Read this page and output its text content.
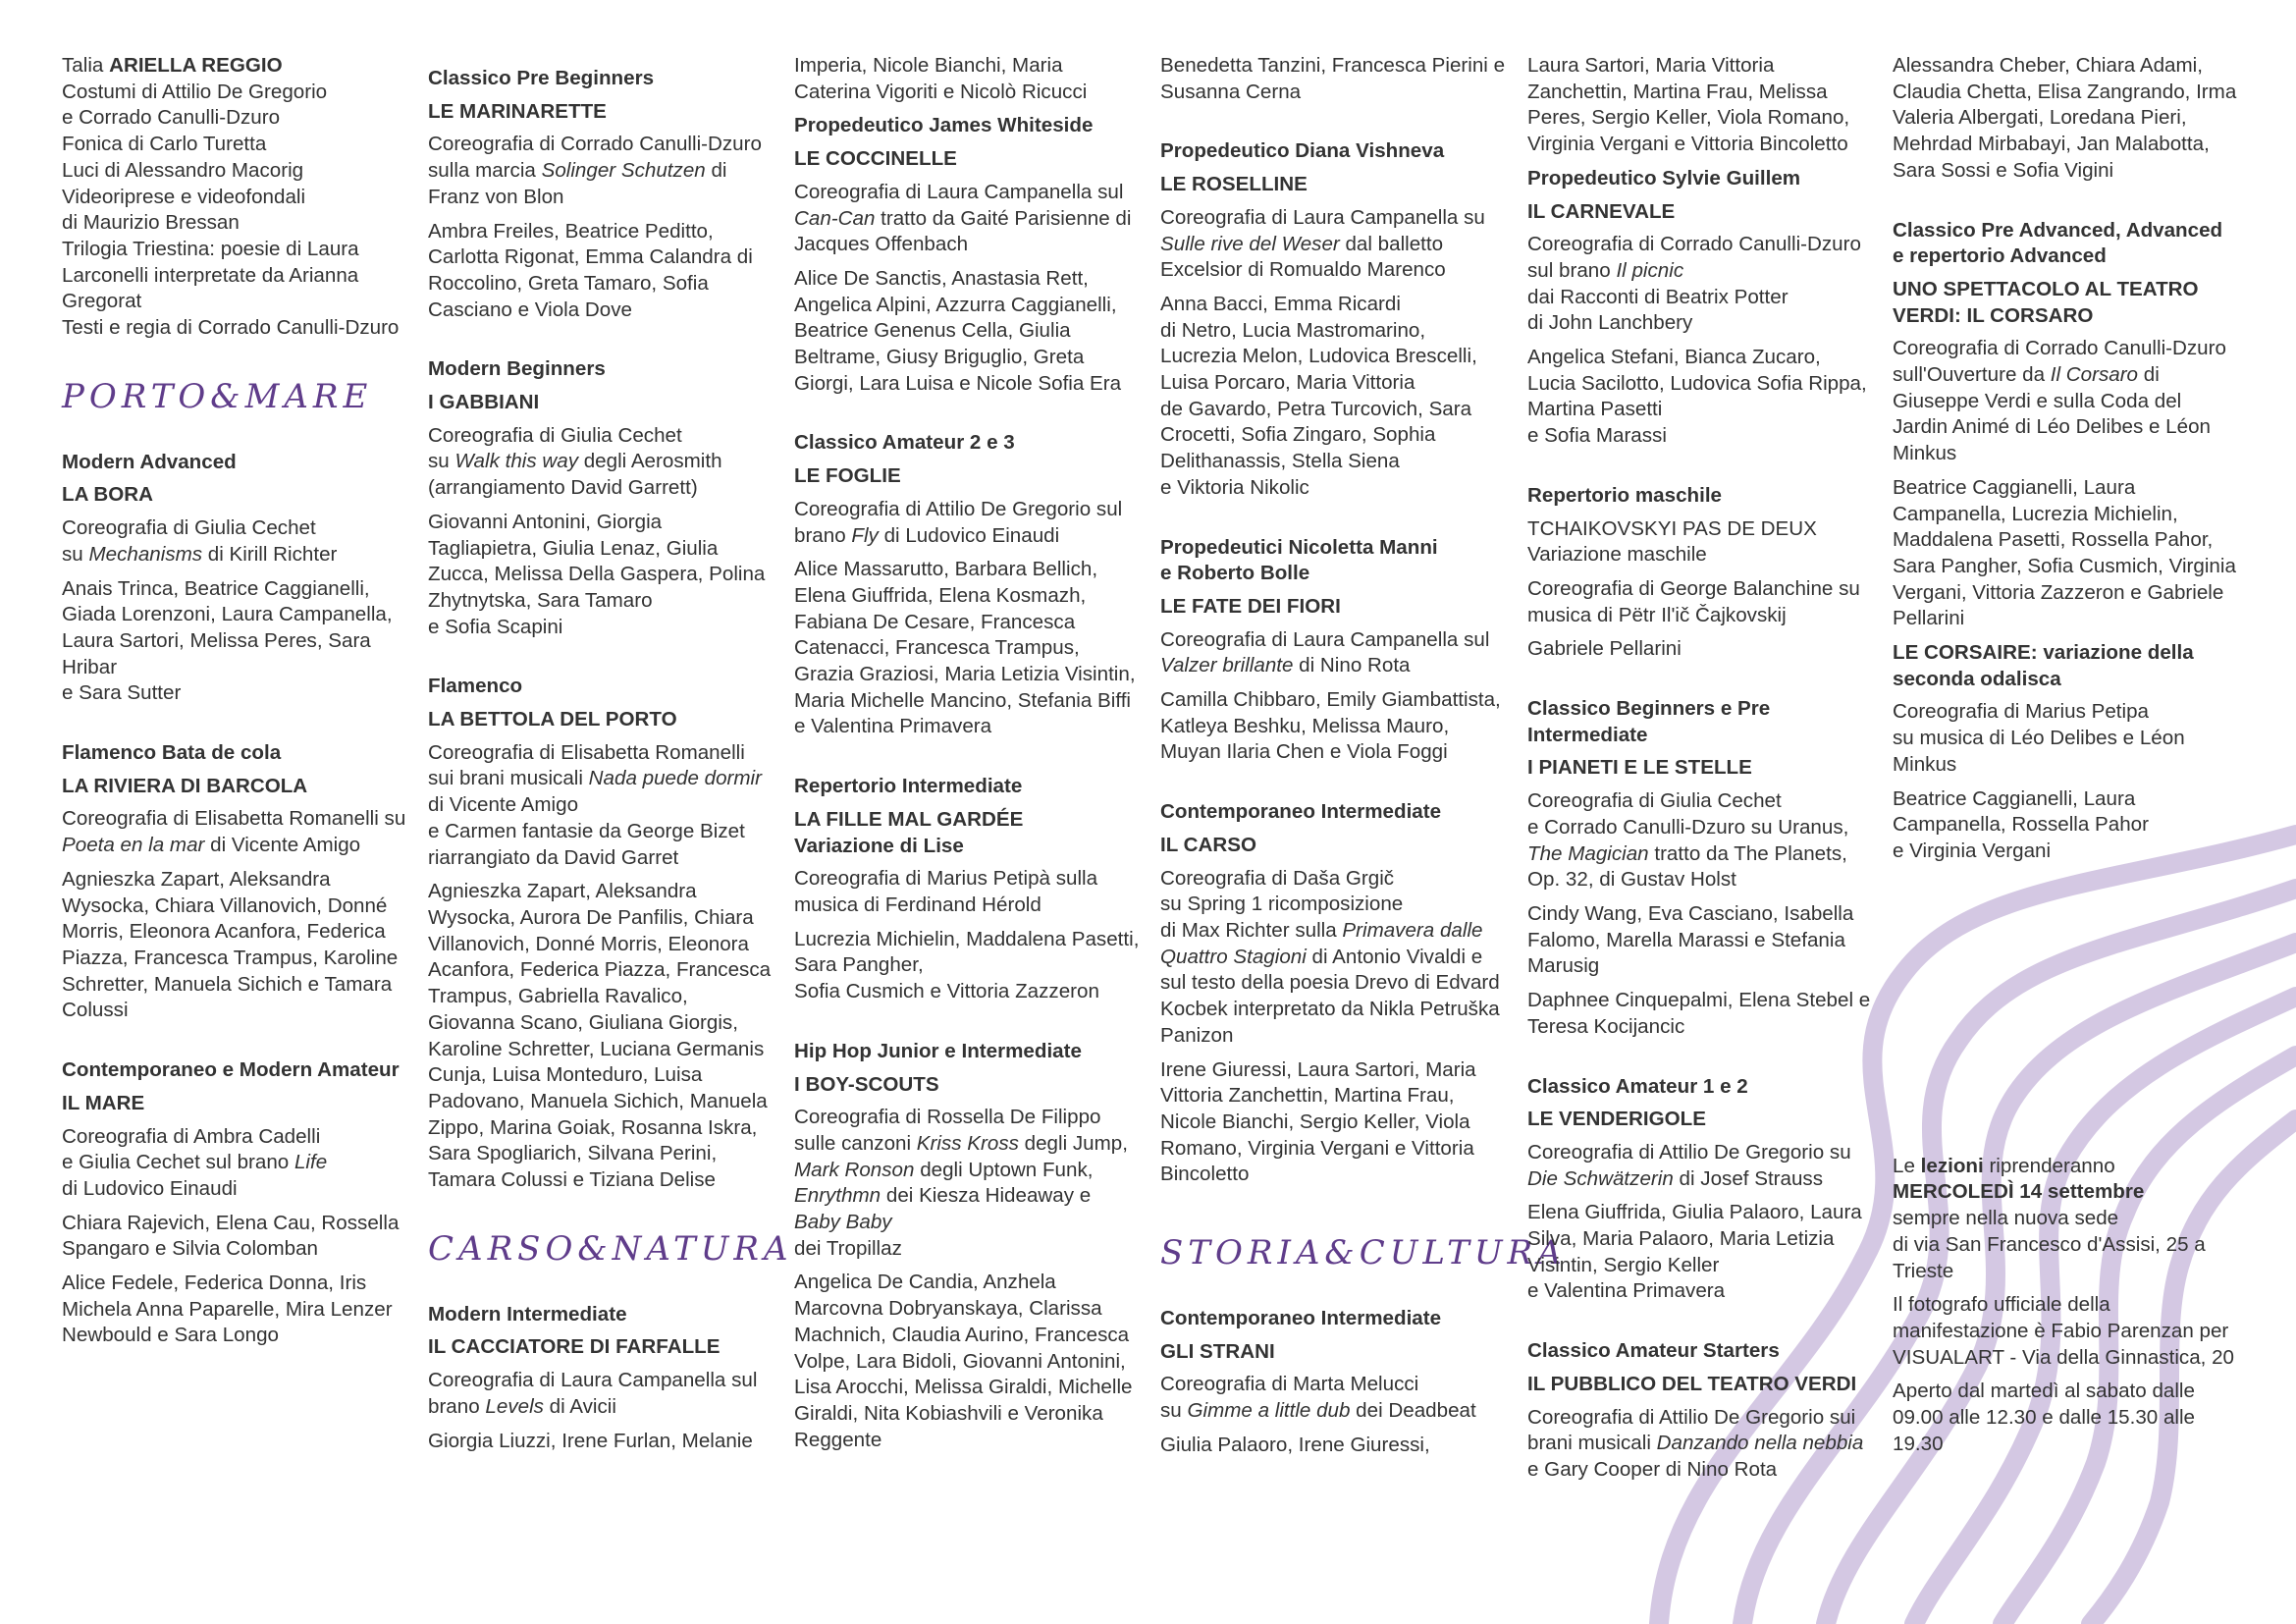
Talia ARIELLA REGGIO
Costumi di Attilio De Gregorio
e Corrado Canulli-Dzuro
Fonica di Carlo Turetta
Luci di Alessandro Macorig
Videoriprese e videofondali
di Maurizio Bressan
Trilogia Triestina: poesie di Laura Larconelli interpretate da Arianna Gregorat
Testi e regia di Corrado Canulli-Dzuro
PORTO&MARE
Modern Advanced
LA BORA
Coreografia di Giulia Cechet
su Mechanisms di Kirill Richter
Anais Trinca, Beatrice Caggianelli, Giada Lorenzoni, Laura Campanella, Laura Sartori, Melissa Peres, Sara Hribar
e Sara Sutter
Flamenco Bata de cola
LA RIVIERA DI BARCOLA
Coreografia di Elisabetta Romanelli su Poeta en la mar di Vicente Amigo
Agnieszka Zapart, Aleksandra Wysocka, Chiara Villanovich, Donné Morris, Eleonora Acanfora, Federica Piazza, Francesca Trampus, Karoline Schretter, Manuela Sichich e Tamara Colussi
Contemporaneo e Modern Amateur
IL MARE
Coreografia di Ambra Cadelli
e Giulia Cechet sul brano Life
di Ludovico Einaudi
Chiara Rajevich, Elena Cau, Rossella Spangaro e Silvia Colomban
Alice Fedele, Federica Donna, Iris Michela Anna Paparelle, Mira Lenzer Newbould e Sara Longo
Classico Pre Beginners
LE MARINARETTE
Coreografia di Corrado Canulli-Dzuro sulla marcia Solinger Schutzen di Franz von Blon
Ambra Freiles, Beatrice Peditto, Carlotta Rigonat, Emma Calandra di Roccolino, Greta Tamaro, Sofia Casciano e Viola Dove
Modern Beginners
I GABBIANI
Coreografia di Giulia Cechet
su Walk this way degli Aerosmith (arrangiamento David Garrett)
Giovanni Antonini, Giorgia Tagliapietra, Giulia Lenaz, Giulia Zucca, Melissa Della Gaspera, Polina Zhytnytska, Sara Tamaro
e Sofia Scapini
Flamenco
LA BETTOLA DEL PORTO
Coreografia di Elisabetta Romanelli sui brani musicali Nada puede dormir di Vicente Amigo
e Carmen fantasie da George Bizet riarrangiato da David Garret
Agnieszka Zapart, Aleksandra Wysocka, Aurora De Panfilis, Chiara Villanovich, Donné Morris, Eleonora Acanfora, Federica Piazza, Francesca Trampus, Gabriella Ravalico, Giovanna Scano, Giuliana Giorgis, Karoline Schretter, Luciana Germanis Cunja, Luisa Monteduro, Luisa Padovano, Manuela Sichich, Manuela Zippo, Marina Goiak, Rosanna Iskra, Sara Spogliarich, Silvana Perini, Tamara Colussi e Tiziana Delise
CARSO&NATURA
Modern Intermediate
IL CACCIATORE DI FARFALLE
Coreografia di Laura Campanella sul brano Levels di Avicii
Giorgia Liuzzi, Irene Furlan, Melanie
Imperia, Nicole Bianchi, Maria Caterina Vigoriti e Nicolò Ricucci
Propedeutico James Whiteside
LE COCCINELLE
Coreografia di Laura Campanella sul Can-Can tratto da Gaité Parisienne di Jacques Offenbach
Alice De Sanctis, Anastasia Rett, Angelica Alpini, Azzurra Caggianelli, Beatrice Genenus Cella, Giulia Beltrame, Giusy Briguglio, Greta Giorgi, Lara Luisa e Nicole Sofia Era
Classico Amateur 2 e 3
LE FOGLIE
Coreografia di Attilio De Gregorio sul brano Fly di Ludovico Einaudi
Alice Massarutto, Barbara Bellich, Elena Giuffrida, Elena Kosmazh, Fabiana De Cesare, Francesca Catenacci, Francesca Trampus, Grazia Graziosi, Maria Letizia Visintin, Maria Michelle Mancino, Stefania Biffi e Valentina Primavera
Repertorio Intermediate
LA FILLE MAL GARDÉE
Variazione di Lise
Coreografia di Marius Petipà sulla musica di Ferdinand Hérold
Lucrezia Michielin, Maddalena Pasetti, Sara Pangher,
Sofia Cusmich e Vittoria Zazzeron
Hip Hop Junior e Intermediate
I BOY-SCOUTS
Coreografia di Rossella De Filippo sulle canzoni Kriss Kross degli Jump, Mark Ronson degli Uptown Funk, Enrythmn dei Kiesza Hideaway e Baby Baby
dei Tropillaz
Angelica De Candia, Anzhela Marcovna Dobryanskaya, Clarissa Machnich, Claudia Aurino, Francesca Volpe, Lara Bidoli, Giovanni Antonini, Lisa Arocchi, Melissa Giraldi, Michelle Giraldi, Nita Kobiashvili e Veronika Reggente
Benedetta Tanzini, Francesca Pierini e Susanna Cerna
Propedeutico Diana Vishneva
LE ROSELLINE
Coreografia di Laura Campanella su Sulle rive del Weser dal balletto Excelsior di Romualdo Marenco
Anna Bacci, Emma Ricardi
di Netro, Lucia Mastromarino, Lucrezia Melon, Ludovica Brescelli, Luisa Porcaro, Maria Vittoria
de Gavardo, Petra Turcovich, Sara Crocetti, Sofia Zingaro, Sophia Delithanassis, Stella Siena
e Viktoria Nikolic
Propedeutici Nicoletta Manni
e Roberto Bolle
LE FATE DEI FIORI
Coreografia di Laura Campanella sul Valzer brillante di Nino Rota
Camilla Chibbaro, Emily Giambattista, Katleya Beshku, Melissa Mauro, Muyan Ilaria Chen e Viola Foggi
Contemporaneo Intermediate
IL CARSO
Coreografia di Daša Grgič
su Spring 1 ricomposizione
di Max Richter sulla Primavera dalle Quattro Stagioni di Antonio Vivaldi e sul testo della poesia Drevo di Edvard Kocbek interpretato da Nikla Petruška Panizon
Irene Giuressi, Laura Sartori, Maria Vittoria Zanchettin, Martina Frau, Nicole Bianchi, Sergio Keller, Viola Romano, Virginia Vergani e Vittoria Bincoletto
STORIA&CULTURA
Contemporaneo Intermediate
GLI STRANI
Coreografia di Marta Melucci
su Gimme a little dub dei Deadbeat
Giulia Palaoro, Irene Giuressi,
Laura Sartori, Maria Vittoria Zanchettin, Martina Frau, Melissa Peres, Sergio Keller, Viola Romano, Virginia Vergani e Vittoria Bincoletto
Propedeutico Sylvie Guillem
IL CARNEVALE
Coreografia di Corrado Canulli-Dzuro sul brano Il picnic
dai Racconti di Beatrix Potter
di John Lanchbery
Angelica Stefani, Bianca Zucaro, Lucia Sacilotto, Ludovica Sofia Rippa, Martina Pasetti
e Sofia Marassi
Repertorio maschile
TCHAIKOVSKYI PAS DE DEUX
Variazione maschile
Coreografia di George Balanchine su musica di Pëtr Il'ič Čajkovskij
Gabriele Pellarini
Classico Beginners e Pre Intermediate
I PIANETI E LE STELLE
Coreografia di Giulia Cechet
e Corrado Canulli-Dzuro su Uranus, The Magician tratto da The Planets, Op. 32, di Gustav Holst
Cindy Wang, Eva Casciano, Isabella Falomo, Marella Marassi e Stefania Marusig
Daphnee Cinquepalmi, Elena Stebel e Teresa Kocijancic
Classico Amateur 1 e 2
LE VENDERIGOLE
Coreografia di Attilio De Gregorio su Die Schwätzerin di Josef Strauss
Elena Giuffrida, Giulia Palaoro, Laura Silva, Maria Palaoro, Maria Letizia Visintin, Sergio Keller
e Valentina Primavera
Classico Amateur Starters
IL PUBBLICO DEL TEATRO VERDI
Coreografia di Attilio De Gregorio sui brani musicali Danzando nella nebbia e Gary Cooper di Nino Rota
Alessandra Cheber, Chiara Adami, Claudia Chetta, Elisa Zangrando, Irma Valeria Albergati, Loredana Pieri, Mehrdad Mirbabayi, Jan Malabotta, Sara Sossi e Sofia Vigini
Classico Pre Advanced, Advanced e repertorio Advanced
UNO SPETTACOLO AL TEATRO VERDI: IL CORSARO
Coreografia di Corrado Canulli-Dzuro sull'Ouverture da Il Corsaro di Giuseppe Verdi e sulla Coda del Jardin Animé di Léo Delibes e Léon Minkus
Beatrice Caggianelli, Laura Campanella, Lucrezia Michielin, Maddalena Pasetti, Rossella Pahor, Sara Pangher, Sofia Cusmich, Virginia Vergani, Vittoria Zazzeron e Gabriele Pellarini
LE CORSAIRE: variazione della seconda odalisca
Coreografia di Marius Petipa
su musica di Léo Delibes e Léon Minkus
Beatrice Caggianelli, Laura Campanella, Rossella Pahor
e Virginia Vergani
Le lezioni riprenderanno MERCOLEDÌ 14 settembre
sempre nella nuova sede
di via San Francesco d'Assisi, 25 a Trieste
Il fotografo ufficiale della manifestazione è Fabio Parenzan per VISUALART - Via della Ginnastica, 20
Aperto dal martedì al sabato dalle 09.00 alle 12.30 e dalle 15.30 alle 19.30
